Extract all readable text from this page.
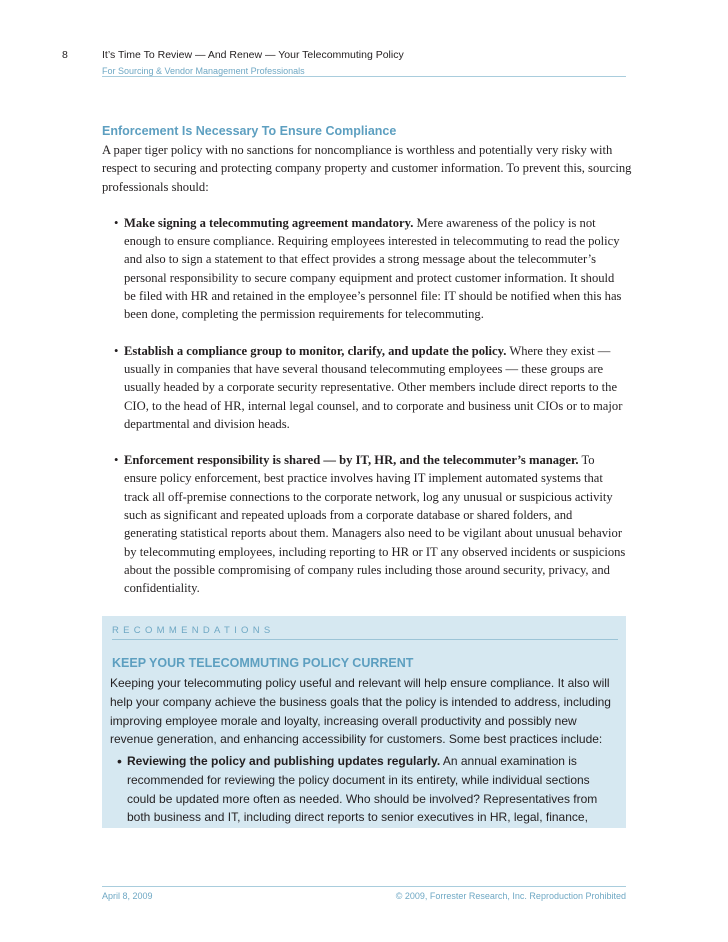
8	It’s Time To Review — And Renew — Your Telecommuting Policy
For Sourcing & Vendor Management Professionals
Enforcement Is Necessary To Ensure Compliance

A paper tiger policy with no sanctions for noncompliance is worthless and potentially very risky with respect to securing and protecting company property and customer information. To prevent this, sourcing professionals should:

• Make signing a telecommuting agreement mandatory. Mere awareness of the policy is not enough to ensure compliance. Requiring employees interested in telecommuting to read the policy and also to sign a statement to that effect provides a strong message about the telecommuter’s personal responsibility to secure company equipment and protect customer information. It should be filed with HR and retained in the employee’s personnel file: IT should be notified when this has been done, completing the permission requirements for telecommuting.
• Establish a compliance group to monitor, clarify, and update the policy. Where they exist — usually in companies that have several thousand telecommuting employees — these groups are usually headed by a corporate security representative. Other members include direct reports to the CIO, to the head of HR, internal legal counsel, and to corporate and business unit CIOs or to major departmental and division heads.
• Enforcement responsibility is shared — by IT, HR, and the telecommuter’s manager. To ensure policy enforcement, best practice involves having IT implement automated systems that track all off-premise connections to the corporate network, log any unusual or suspicious activity such as significant and repeated uploads from a corporate database or shared folders, and generating statistical reports about them. Managers also need to be vigilant about unusual behavior by telecommuting employees, including reporting to HR or IT any observed incidents or suspicions about the possible compromising of company rules including those around security, privacy, and confidentiality.
RECOMMENDATIONS
KEEP YOUR TELECOMMUTING POLICY CURRENT

Keeping your telecommuting policy useful and relevant will help ensure compliance. It also will help your company achieve the business goals that the policy is intended to address, including improving employee morale and loyalty, increasing overall productivity and possibly new revenue generation, and enhancing accessibility for customers. Some best practices include:

• Reviewing the policy and publishing updates regularly. An annual examination is recommended for reviewing the policy document in its entirety, while individual sections could be updated more often as needed. Who should be involved? Representatives from both business and IT, including direct reports to senior executives in HR, legal, finance,
April 8, 2009	© 2009, Forrester Research, Inc. Reproduction Prohibited
